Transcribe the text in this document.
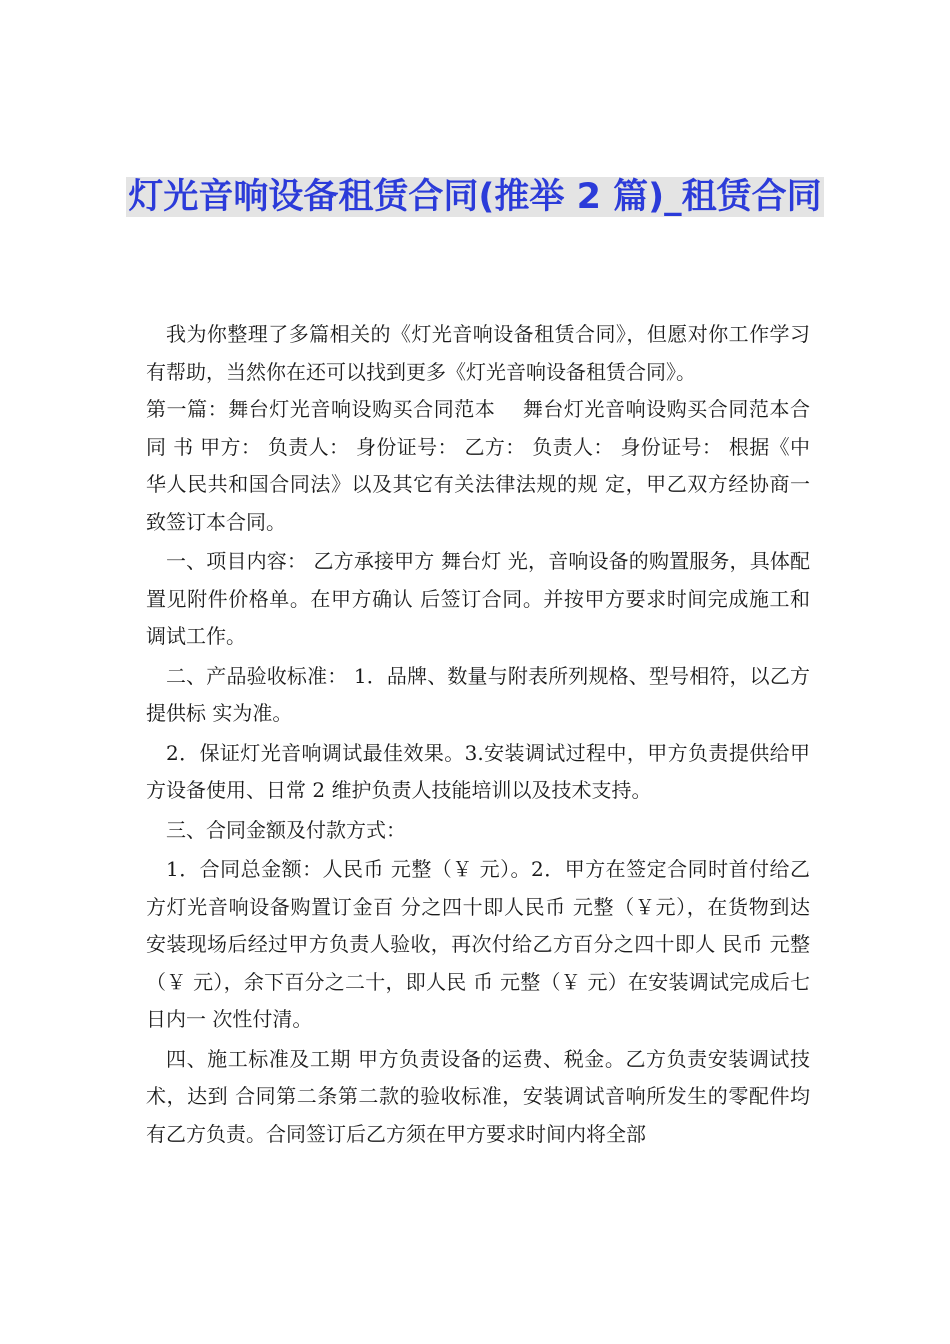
灯光音响设备租赁合同(推举 2 篇)_租赁合同

我为你整理了多篇相关的《灯光音响设备租赁合同》，但愿对你工作学习有帮助，当然你在还可以找到更多《灯光音响设备租赁合同》。

第一篇：舞台灯光音响设购买合同范本　 舞台灯光音响设购买合同范本合 同 书 甲方： 负责人： 身份证号： 乙方： 负责人： 身份证号： 根据《中华人民共和国合同法》以及其它有关法律法规的规 定，甲乙双方经协商一致签订本合同。

一、项目内容： 乙方承接甲方 舞台灯 光，音响设备的购置服务，具体配置见附件价格单。在甲方确认 后签订合同。并按甲方要求时间完成施工和调试工作。

二、产品验收标准： 1．品牌、数量与附表所列规格、型号相符，以乙方提供标 实为准。

2．保证灯光音响调试最佳效果。3.安装调试过程中，甲方负责提供给甲方设备使用、日常 2 维护负责人技能培训以及技术支持。

三、合同金额及付款方式：

1．合同总金额：人民币 元整（￥ 元）。2．甲方在签定合同时首付给乙方灯光音响设备购置订金百 分之四十即人民币 元整（￥元），在货物到达 安装现场后经过甲方负责人验收，再次付给乙方百分之四十即人 民币 元整（￥ 元），余下百分之二十，即人民 币 元整（￥ 元）在安装调试完成后七日内一 次性付清。

四、施工标准及工期 甲方负责设备的运费、税金。乙方负责安装调试技术，达到 合同第二条第二款的验收标准，安装调试音响所发生的零配件均 有乙方负责。合同签订后乙方须在甲方要求时间内将全部
